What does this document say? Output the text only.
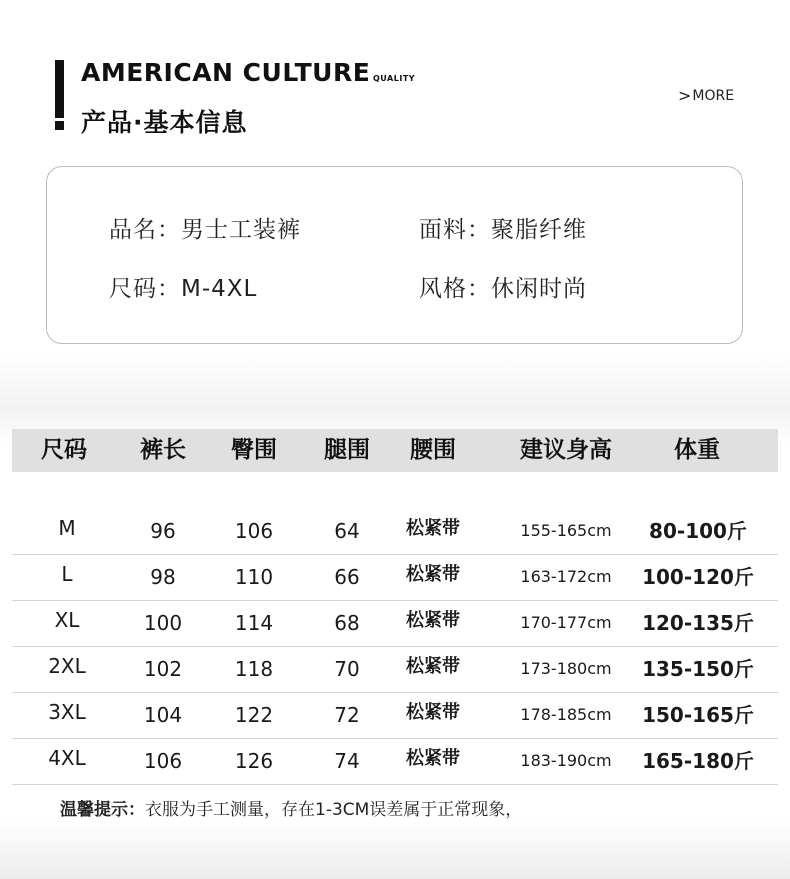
AMERICAN CULTURE QUALITY
产品·基本信息
> MORE
品名：男士工装裤	面料：聚脂纤维
尺码：M-4XL	风格：休闲时尚
尺码 裤长 臀围 腿围 腰围	建议身高	体重
M	96	106	64	松紧带	155-165cm 80-100斤
L	98	110	66	松紧带	163-172cm 100-120斤
XL	100	114	68	松紧带	170-177cm 120-135斤
2XL	102	118	70	松紧带	173-180cm 135-150斤
3XL	104	122	72	松紧带	178-185cm 150-165斤
4XL	106	126	74	松紧带	183-190cm 165-180斤
温馨提示：衣服为手工测量，存在1-3CM误差属于正常现象，
